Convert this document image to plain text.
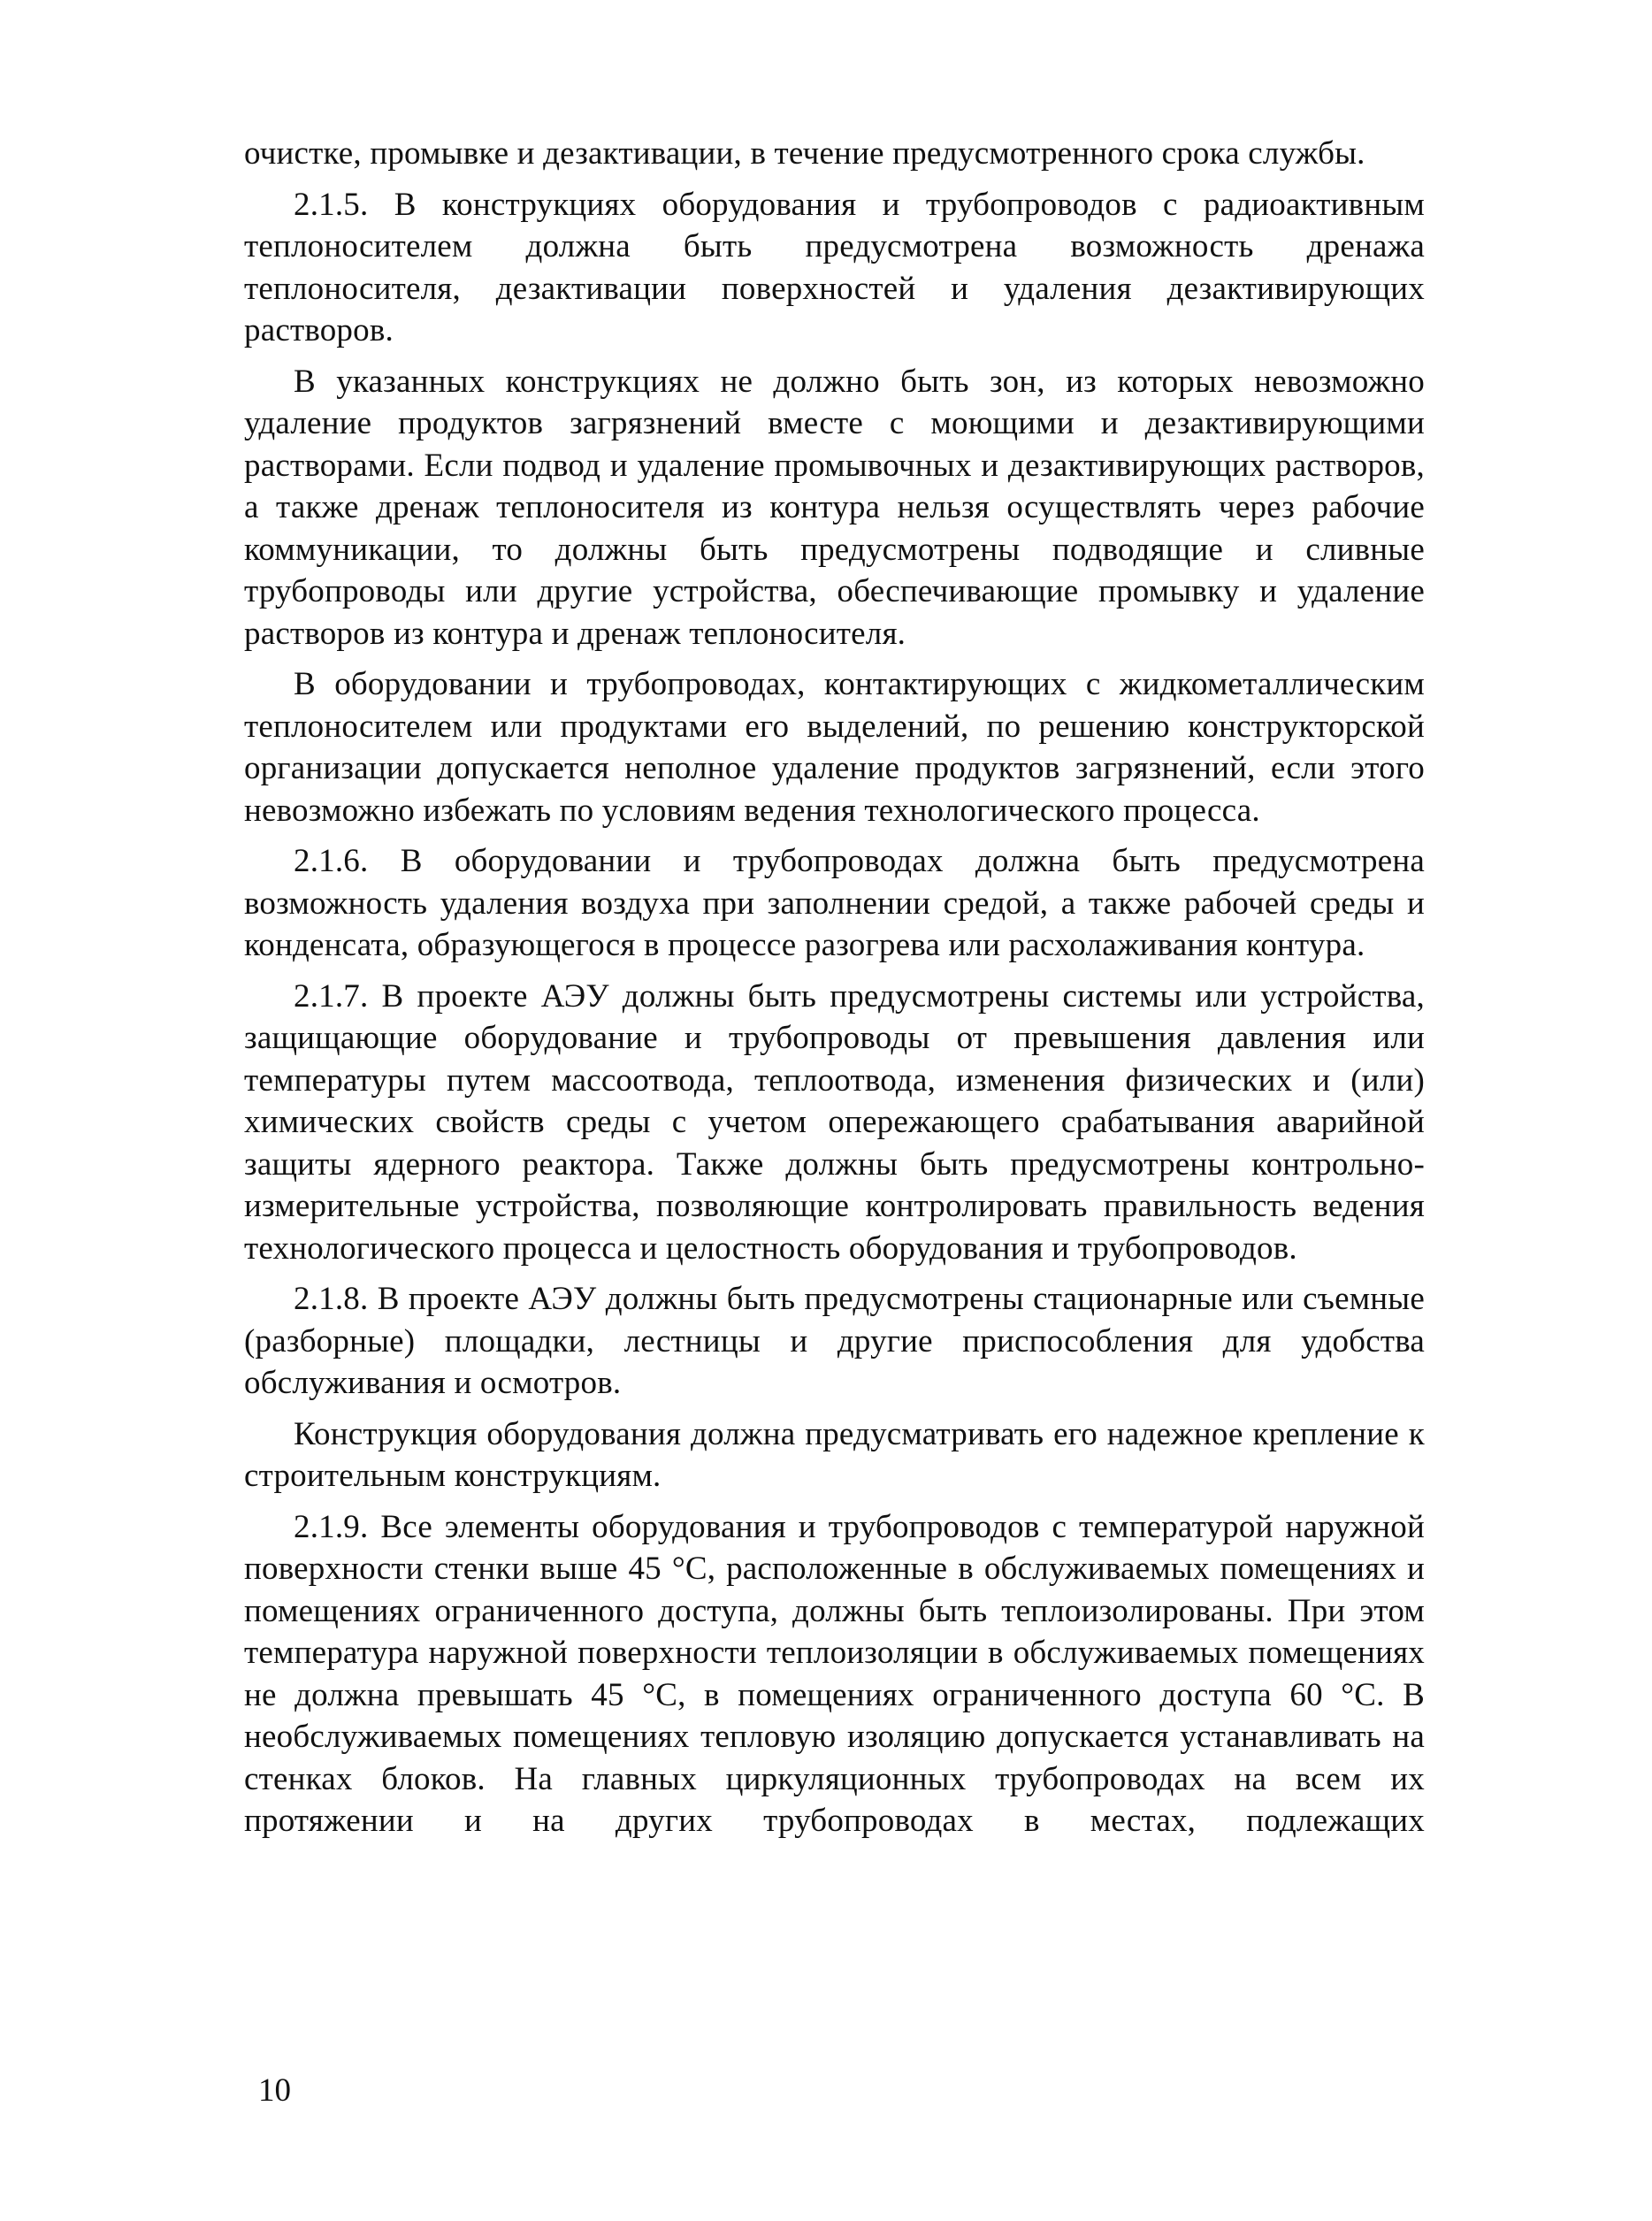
очистке, промывке и дезактивации, в течение предусмотренного срока службы.

2.1.5. В конструкциях оборудования и трубопроводов с радиоактивным теплоносителем должна быть предусмотрена возможность дренажа теплоносителя, дезактивации поверхностей и удаления дезактивирующих растворов.

В указанных конструкциях не должно быть зон, из которых невозможно удаление продуктов загрязнений вместе с моющими и дезактивирующими растворами. Если подвод и удаление промывочных и дезактивирующих растворов, а также дренаж теплоносителя из контура нельзя осуществлять через рабочие коммуникации, то должны быть предусмотрены подводящие и сливные трубопроводы или другие устройства, обеспечивающие промывку и удаление растворов из контура и дренаж теплоносителя.

В оборудовании и трубопроводах, контактирующих с жидкометаллическим теплоносителем или продуктами его выделений, по решению конструкторской организации допускается неполное удаление продуктов загрязнений, если этого невозможно избежать по условиям ведения технологического процесса.

2.1.6. В оборудовании и трубопроводах должна быть предусмотрена возможность удаления воздуха при заполнении средой, а также рабочей среды и конденсата, образующегося в процессе разогрева или расхолаживания контура.

2.1.7. В проекте АЭУ должны быть предусмотрены системы или устройства, защищающие оборудование и трубопроводы от превышения давления или температуры путем массоотвода, теплоотвода, изменения физических и (или) химических свойств среды с учетом опережающего срабатывания аварийной защиты ядерного реактора. Также должны быть предусмотрены контрольно-измерительные устройства, позволяющие контролировать правильность ведения технологического процесса и целостность оборудования и трубопроводов.

2.1.8. В проекте АЭУ должны быть предусмотрены стационарные или съемные (разборные) площадки, лестницы и другие приспособления для удобства обслуживания и осмотров.

Конструкция оборудования должна предусматривать его надежное крепление к строительным конструкциям.

2.1.9. Все элементы оборудования и трубопроводов с температурой наружной поверхности стенки выше 45 °С, расположенные в обслуживаемых помещениях и помещениях ограниченного доступа, должны быть теплоизолированы. При этом температура наружной поверхности теплоизоляции в обслуживаемых помещениях не должна превышать 45 °С, в помещениях ограниченного доступа 60 °С. В необслуживаемых помещениях тепловую изоляцию допускается устанавливать на стенках блоков. На главных циркуляционных трубопроводах на всем их протяжении и на других трубопроводах в местах, подлежащих

10
